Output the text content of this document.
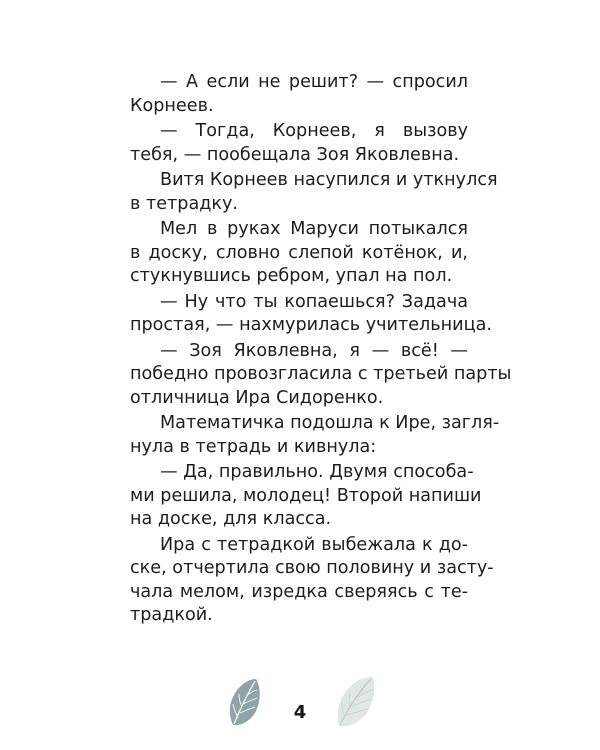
— А если не решит? — спросил
Корнеев.

— Тогда, Корнеев, я вызову
тебя, — пообещала Зоя Яковлевна.

Витя Корнеев насупился и уткнулся
в тетрадку.

Мел в руках Маруси потыкался
в доску, словно слепой котёнок, и,
стукнувшись ребром, упал на пол.

— Ну что ты копаешься? Задача
простая, — нахмурилась учительница.

— Зоя Яковлевна, я — всё! —
победно провозгласила с третьей парты
отличница Ира Сидоренко.

Математичка подошла к Ире, загля-
нула в тетрадь и кивнула:

— Да, правильно. Двумя способа-
ми решила, молодец! Второй напиши
на доске, для класса.

Ира с тетрадкой выбежала к до-
ске, отчертила свою половину и засту-
чала мелом, изредка сверяясь с те-
традкой.

4
